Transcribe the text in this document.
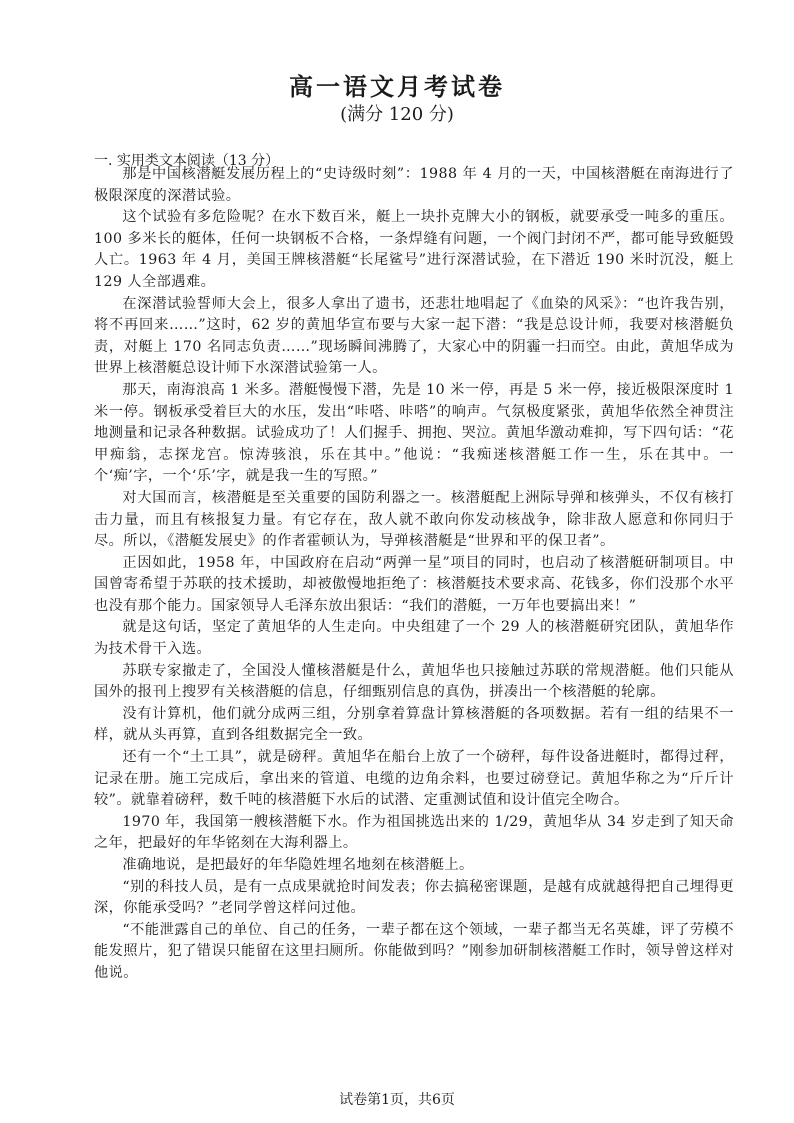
高一语文月考试卷
(满分 120 分)
一. 实用类文本阅读（13 分）

那是中国核潜艇发展历程上的“史诗级时刻”：1988 年 4 月的一天，中国核潜艇在南海进行了极限深度的深潜试验。

这个试验有多危险呢？在水下数百米，艇上一块扑克牌大小的钢板，就要承受一吨多的重压。100 多米长的艇体，任何一块钢板不合格，一条焊缝有问题，一个阀门封闭不严，都可能导致艇毁人亡。1963 年 4 月，美国王牌核潜艇“长尾鲨号”进行深潜试验，在下潜近 190 米时沉没，艇上 129 人全部遇难。

在深潜试验誓师大会上，很多人拿出了遗书，还悲壮地唱起了《血染的风采》：“也许我告别，将不再回来……”这时，62 岁的黄旭华宣布要与大家一起下潜：“我是总设计师，我要对核潜艇负责，对艇上 170 名同志负责……”现场瞬间沸腾了，大家心中的阴霾一扫而空。由此，黄旭华成为世界上核潜艇总设计师下水深潜试验第一人。

那天，南海浪高 1 米多。潜艇慢慢下潜，先是 10 米一停，再是 5 米一停，接近极限深度时 1 米一停。钢板承受着巨大的水压，发出“咔嗒、咔嗒”的响声。气氛极度紧张，黄旭华依然全神贯注地测量和记录各种数据。试验成功了！人们握手、拥抱、哭泣。黄旭华激动难抑，写下四句话：“花甲痴翁，志探龙宫。惊涛骇浪，乐在其中。”他说：“我痴迷核潜艇工作一生，乐在其中。一个‘痴’字，一个‘乐’字，就是我一生的写照。”

对大国而言，核潜艇是至关重要的国防利器之一。核潜艇配上洲际导弹和核弹头，不仅有核打击力量，而且有核报复力量。有它存在，敌人就不敢向你发动核战争，除非敌人愿意和你同归于尽。所以，《潜艇发展史》的作者霍顿认为，导弹核潜艇是“世界和平的保卫者”。

正因如此，1958 年，中国政府在启动“两弹一星”项目的同时，也启动了核潜艇研制项目。中国曾寄希望于苏联的技术援助，却被傲慢地拒绝了：核潜艇技术要求高、花钱多，你们没那个水平也没有那个能力。国家领导人毛泽东放出狠话：“我们的潜艇，一万年也要搞出来！”

就是这句话，坚定了黄旭华的人生走向。中央组建了一个 29 人的核潜艇研究团队，黄旭华作为技术骨干入选。

苏联专家撤走了，全国没人懂核潜艇是什么，黄旭华也只接触过苏联的常规潜艇。他们只能从国外的报刊上搜罗有关核潜艇的信息，仔细甄别信息的真伪，拼凑出一个核潜艇的轮廓。

没有计算机，他们就分成两三组，分别拿着算盘计算核潜艇的各项数据。若有一组的结果不一样，就从头再算，直到各组数据完全一致。

还有一个“土工具”，就是磅秤。黄旭华在船台上放了一个磅秤，每件设备进艇时，都得过秤，记录在册。施工完成后，拿出来的管道、电缆的边角余料，也要过磅登记。黄旭华称之为“斤斤计较”。就靠着磅秤，数千吨的核潜艇下水后的试潜、定重测试值和设计值完全吻合。

1970 年，我国第一艘核潜艇下水。作为祖国挑选出来的 1/29，黄旭华从 34 岁走到了知天命之年，把最好的年华铭刻在大海利器上。

准确地说，是把最好的年华隐姓埋名地刻在核潜艇上。

“别的科技人员，是有一点成果就抢时间发表；你去搞秘密课题，是越有成就越得把自己埋得更深，你能承受吗？”老同学曾这样问过他。

“不能泄露自己的单位、自己的任务，一辈子都在这个领域，一辈子都当无名英雄，评了劳模不能发照片，犯了错误只能留在这里扫厕所。你能做到吗？”刚参加研制核潜艇工作时，领导曾这样对他说。

试卷第1页，共6页
